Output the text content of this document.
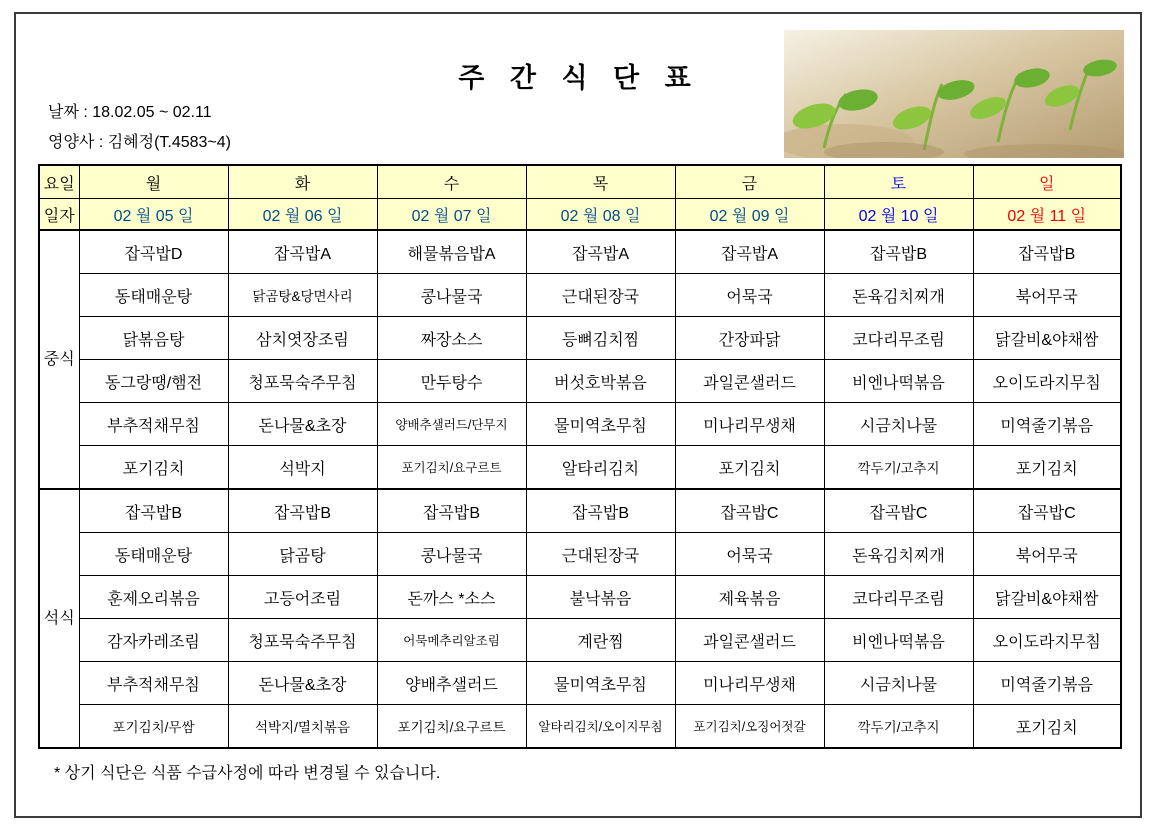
주 간 식 단 표
날짜 : 18.02.05 ~ 02.11
영양사 : 김혜정(T.4583~4)
요일	월	화	수	목	금	토	일
일자	02 월 05 일	02 월 06 일	02 월 07 일	02 월 08 일	02 월 09 일	02 월 10 일	02 월 11 일
중식	잡곡밥D	잡곡밥A	해물볶음밥A	잡곡밥A	잡곡밥A	잡곡밥B	잡곡밥B
	동태매운탕	닭곰탕&당면사리	콩나물국	근대된장국	어묵국	돈육김치찌개	북어무국
	닭볶음탕	삼치엿장조림	짜장소스	등뼈김치찜	간장파닭	코다리무조림	닭갈비&야채쌈
	동그랑땡/햄전	청포묵숙주무침	만두탕수	버섯호박볶음	과일콘샐러드	비엔나떡볶음	오이도라지무침
	부추적채무침	돈나물&초장	양배추샐러드/단무지	물미역초무침	미나리무생채	시금치나물	미역줄기볶음
	포기김치	석박지	포기김치/요구르트	알타리김치	포기김치	깍두기/고추지	포기김치
석식	잡곡밥B	잡곡밥B	잡곡밥B	잡곡밥B	잡곡밥C	잡곡밥C	잡곡밥C
	동태매운탕	닭곰탕	콩나물국	근대된장국	어묵국	돈육김치찌개	북어무국
	훈제오리볶음	고등어조림	돈까스 *소스	불낙볶음	제육볶음	코다리무조림	닭갈비&야채쌈
	감자카레조림	청포묵숙주무침	어묵메추리알조림	계란찜	과일콘샐러드	비엔나떡볶음	오이도라지무침
	부추적채무침	돈나물&초장	양배추샐러드	물미역초무침	미나리무생채	시금치나물	미역줄기볶음
	포기김치/무쌈	석박지/멸치볶음	포기김치/요구르트	알타리김치/오이지무침	포기김치/오징어젓갈	깍두기/고추지	포기김치
* 상기 식단은 식품 수급사정에 따라 변경될 수 있습니다.
